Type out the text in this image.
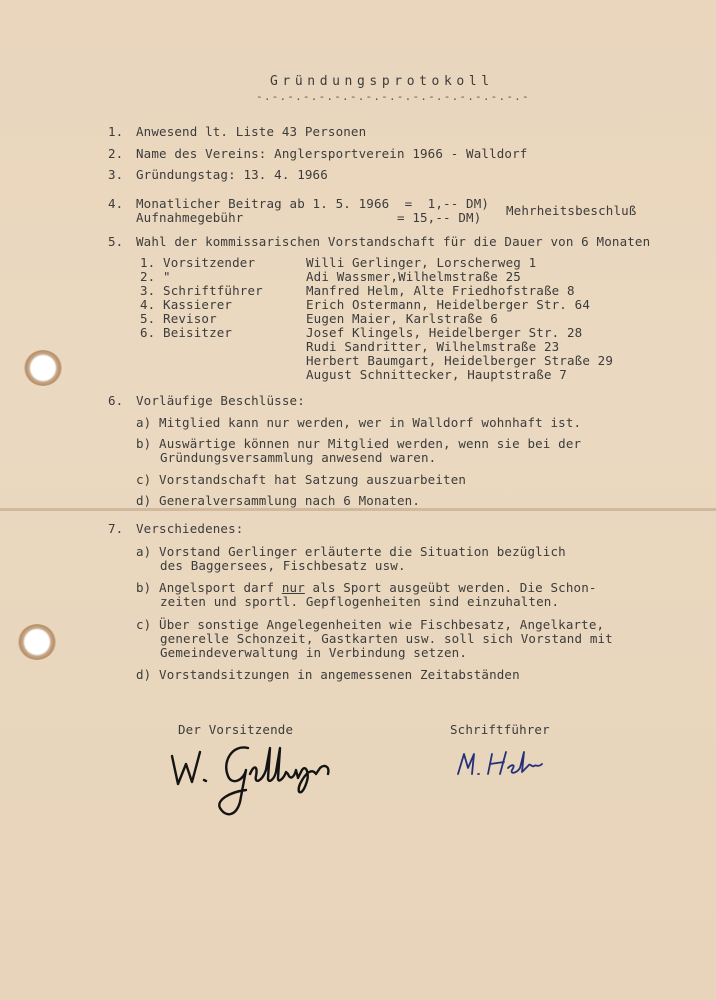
Gründungsprotokoll
-.-.-.-.-.-.-.-.-.-.-.-.-.-.-.-.-.-
1. Anwesend lt. Liste 43 Personen
2. Name des Vereins: Anglersportverein 1966 - Walldorf
3. Gründungstag: 13. 4. 1966
4. Monatlicher Beitrag ab 1. 5. 1966  =  1,-- DM)
Aufnahmegebühr                    = 15,-- DM) Mehrheitsbeschluß
5. Wahl der kommissarischen Vorstandschaft für die Dauer von 6 Monaten
1. Vorsitzender	Willi Gerlinger, Lorscherweg 1
2. "	Adi Wassmer,Wilhelmstraße 25
3. Schriftführer	Manfred Helm, Alte Friedhofstraße 8
4. Kassierer	Erich Ostermann, Heidelberger Str. 64
5. Revisor	Eugen Maier, Karlstraße 6
6. Beisitzer	Josef Klingels, Heidelberger Str. 28
Rudi Sandritter, Wilhelmstraße 23
Herbert Baumgart, Heidelberger Straße 29
August Schnittecker, Hauptstraße 7
6. Vorläufige Beschlüsse:
a) Mitglied kann nur werden, wer in Walldorf wohnhaft ist.
b) Auswärtige können nur Mitglied werden, wenn sie bei der
Gründungsversammlung anwesend waren.
c) Vorstandschaft hat Satzung auszuarbeiten
d) Generalversammlung nach 6 Monaten.
7. Verschiedenes:
a) Vorstand Gerlinger erläuterte die Situation bezüglich
des Baggersees, Fischbesatz usw.
b) Angelsport darf nur als Sport ausgeübt werden. Die Schon-
zeiten und sportl. Gepflogenheiten sind einzuhalten.
c) Über sonstige Angelegenheiten wie Fischbesatz, Angelkarte,
generelle Schonzeit, Gastkarten usw. soll sich Vorstand mit
Gemeindeverwaltung in Verbindung setzen.
d) Vorstandsitzungen in angemessenen Zeitabständen
Der Vorsitzende	Schriftführer
